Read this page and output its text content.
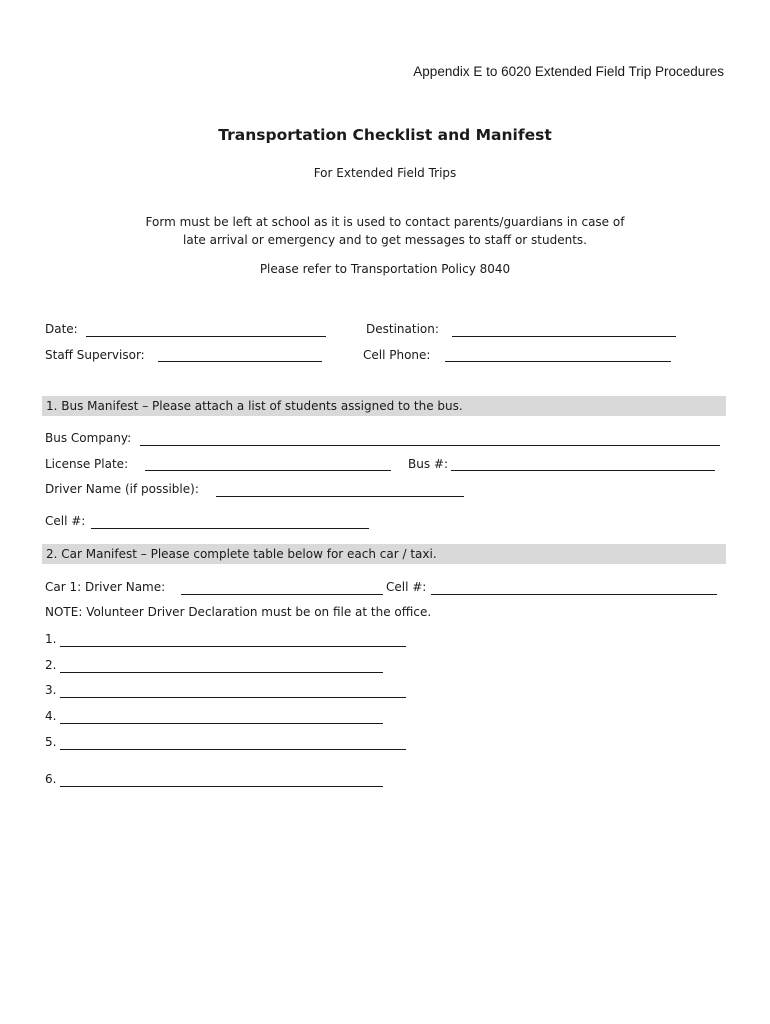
Appendix E to 6020 Extended Field Trip Procedures
Transportation Checklist and Manifest
For Extended Field Trips
Form must be left at school as it is used to contact parents/guardians in case of
late arrival or emergency and to get messages to staff or students.
Please refer to Transportation Policy 8040
Date:	Destination:
Staff Supervisor:	Cell Phone:
1. Bus Manifest – Please attach a list of students assigned to the bus.
Bus Company:
License Plate:	Bus #:
Driver Name (if possible):
Cell #:
2. Car Manifest – Please complete table below for each car / taxi.
Car 1: Driver Name:	Cell #:
NOTE: Volunteer Driver Declaration must be on file at the office.
1.
2.
3.
4.
5.
6.
